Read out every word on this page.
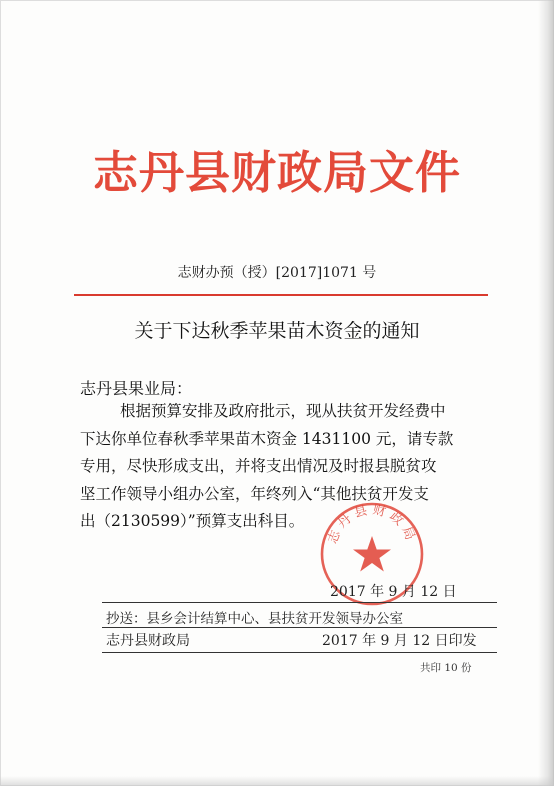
志丹县财政局文件
志财办预（授）[2017]1071 号
关于下达秋季苹果苗木资金的通知
志丹县果业局：
根据预算安排及政府批示，现从扶贫开发经费中
下达你单位春秋季苹果苗木资金 1431100 元，请专款
专用，尽快形成支出，并将支出情况及时报县脱贫攻
坚工作领导小组办公室，年终列入“其他扶贫开发支
出（2130599）”预算支出科目。
志丹县财政局
2017 年 9 月 12 日
抄送：县乡会计结算中心、县扶贫开发领导办公室
志丹县财政局	2017 年 9 月 12 日印发
共印 10 份
